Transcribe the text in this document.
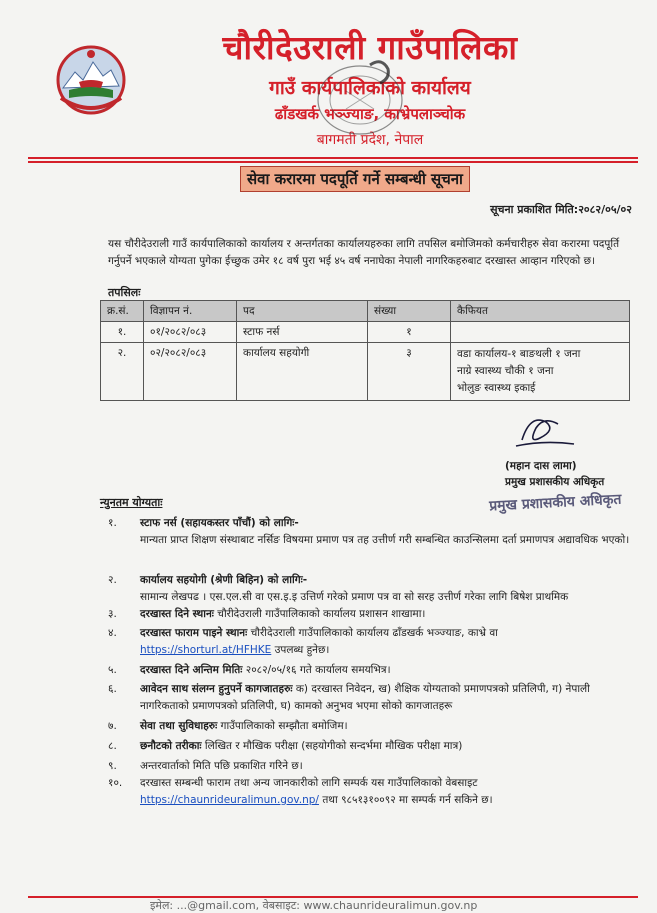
चौरीदेउराली गाउँपालिका
गाउँ कार्यपालिकाको कार्यालय
ढाँडखर्क भञ्ज्याङ, काभ्रेपलाञ्चोक
बागमती प्रदेश, नेपाल
सेवा करारमा पदपूर्ति गर्ने सम्बन्धी सूचना
सूचना प्रकाशित मिति:२०८२/०५/०२
यस चौरीदेउराली गाउँ कार्यपालिकाको कार्यालय र अन्तर्गतका कार्यालयहरुका लागि तपसिल बमोजिमको कर्मचारीहरु सेवा करारमा पदपूर्ति गर्नुपर्ने भएकाले योग्यता पुगेका ईच्छुक उमेर १८ वर्ष पुरा भई ४५ वर्ष ननाघेका नेपाली नागरिकहरुबाट दरखास्त आव्हान गरिएको छ।
तपसिलः
क्र.सं.	विज्ञापन नं.	पद	संख्या	कैफियत
१.	०१/२०८२/०८३	स्टाफ नर्स	१	
२.	०२/२०८२/०८३	कार्यालय सहयोगी	३	वडा कार्यालय-१ बाङथली १ जना
नाग्रे स्वास्थ्य चौकी १ जना
भोलुङ स्वास्थ्य इकाई
(महान दास लामा)
प्रमुख प्रशासकीय अधिकृत
प्रमुख प्रशासकीय अधिकृत
न्युनतम योग्यताः
१.	स्टाफ नर्स (सहायकस्तर पाँचौं) को लागिः-
मान्यता प्राप्त शिक्षण संस्थाबाट नर्सिङ विषयमा प्रमाण पत्र तह उत्तीर्ण गरी सम्बन्धित काउन्सिलमा दर्ता प्रमाणपत्र अद्यावधिक भएको।
२.	कार्यालय सहयोगी (श्रेणी बिहिन) को लागिः-
सामान्य लेखपढ । एस.एल.सी वा एस.इ.इ उत्तिर्ण गरेको प्रमाण पत्र वा सो सरह उत्तीर्ण गरेका लागि बिषेश प्राथमिक
३.	दरखास्त दिने स्थानः चौरीदेउराली गाउँपालिकाको कार्यालय प्रशासन शाखामा।
४.	दरखास्त फाराम पाइने स्थानः चौरीदेउराली गाउँपालिकाको कार्यालय ढाँडखर्क भञ्ज्याङ, काभ्रे वा
https://shorturl.at/HFHKE उपलब्ध हुनेछ।
५.	दरखास्त दिने अन्तिम मितिः २०८२/०५/१६ गते कार्यालय समयभित्र।
६.	आवेदन साथ संलग्न हुनुपर्ने कागजातहरुः क) दरखास्त निवेदन, ख) शैक्षिक योग्यताको प्रमाणपत्रको प्रतिलिपी, ग) नेपाली
नागरिकताको प्रमाणपत्रको प्रतिलिपी, घ) कामको अनुभव भएमा सोको कागजातहरू
७.	सेवा तथा सुविधाहरुः गाउँपालिकाको सम्झौता बमोजिम।
८.	छनौटको तरीकाः लिखित र मौखिक परीक्षा (सहयोगीको सन्दर्भमा मौखिक परीक्षा मात्र)
९.	अन्तरवार्ताको मिति पछि प्रकाशित गरिने छ।
१०.	दरखास्त सम्बन्धी फाराम तथा अन्य जानकारीको लागि सम्पर्क यस गाउँपालिकाको वेबसाइट
https://chaunrideuralimun.gov.np/ तथा ९८५१३१००९२ मा सम्पर्क गर्न सकिने छ।
इमेल: ...@gmail.com, वेबसाइट: www.chaunrideuralimun.gov.np
